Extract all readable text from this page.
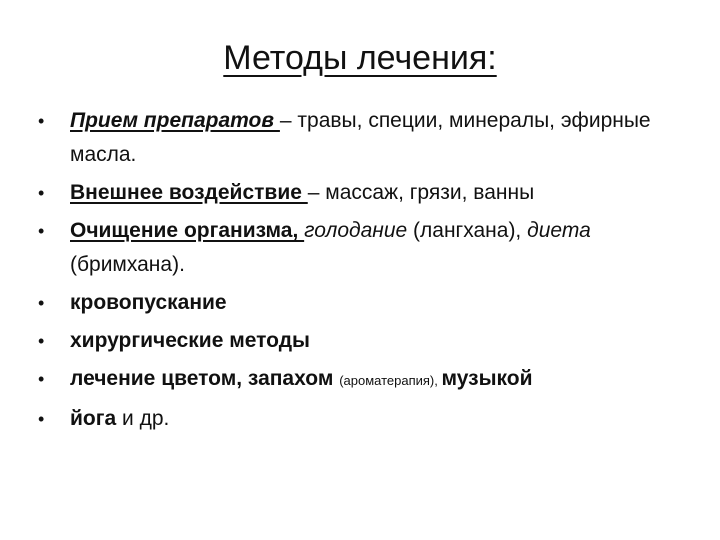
Методы лечения:
• Прием препаратов – травы, специи, минералы, эфирные масла.
• Внешнее воздействие – массаж, грязи, ванны
• Очищение организма, голодание (лангхана), диета (бримхана).
• кровопускание
• хирургические методы
• лечение цветом, запахом (ароматерапия), музыкой
• йога и др.
